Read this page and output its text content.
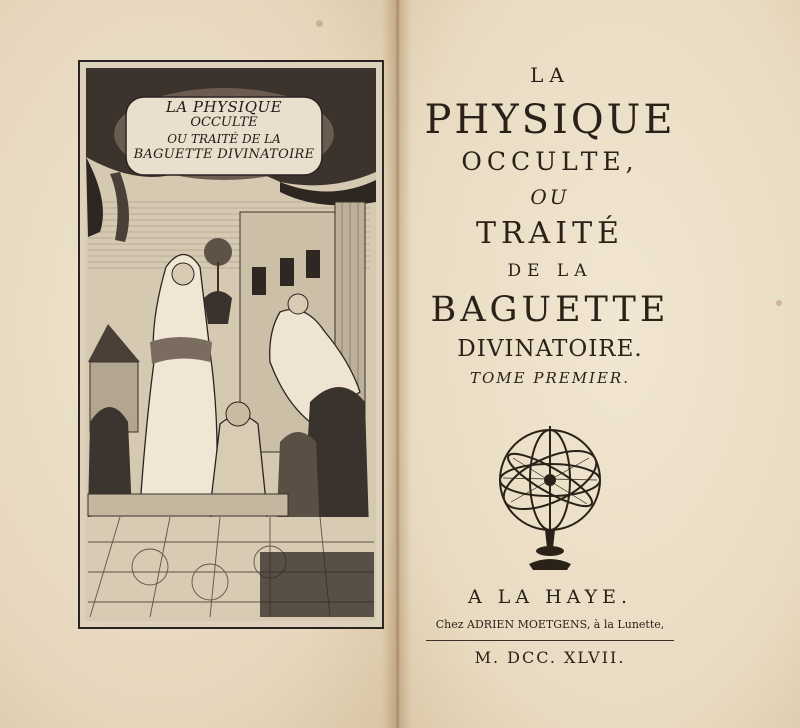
LA PHYSIQUE
OCCULTE
OU TRAITÉ DE LA
BAGUETTE DIVINATOIRE
LA
PHYSIQUE
OCCULTE,
OU
TRAITÉ
DE LA
BAGUETTE
DIVINATOIRE.
TOME PREMIER.
A LA HAYE.
Chez ADRIEN MOETGENS, à la Lunette,
M. DCC. XLVII.
